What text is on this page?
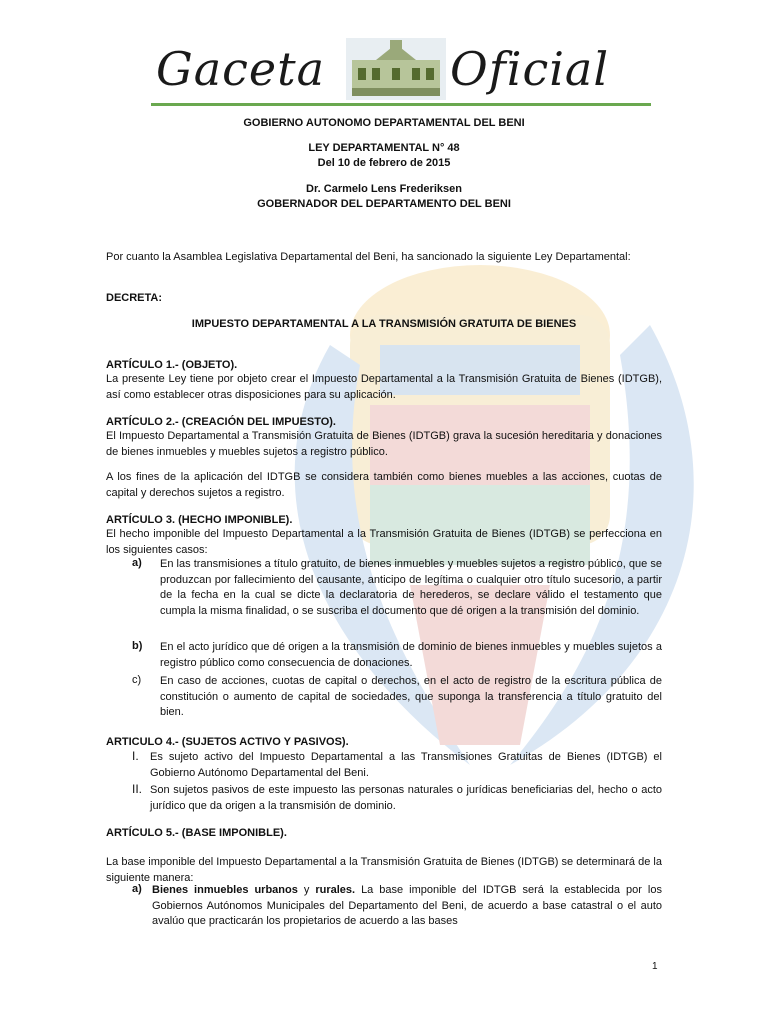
Gaceta	Oficial
GOBIERNO AUTONOMO DEPARTAMENTAL DEL BENI
LEY DEPARTAMENTAL N° 48
Del 10 de febrero de 2015
Dr. Carmelo Lens Frederiksen
GOBERNADOR DEL DEPARTAMENTO DEL BENI
Por cuanto la Asamblea Legislativa Departamental del Beni, ha sancionado la siguiente Ley Departamental:
DECRETA:
IMPUESTO DEPARTAMENTAL A LA TRANSMISIÓN GRATUITA DE BIENES
ARTÍCULO 1.- (OBJETO).
La presente Ley tiene por objeto crear el Impuesto Departamental a la Transmisión Gratuita de Bienes (IDTGB), así como establecer otras disposiciones para su aplicación.
ARTÍCULO 2.- (CREACIÓN DEL IMPUESTO).
El Impuesto Departamental a Transmisión Gratuita de Bienes (IDTGB) grava la sucesión hereditaria y donaciones de bienes inmuebles y muebles sujetos a registro público.
A los fines de la aplicación del IDTGB se considera también como bienes muebles a las acciones, cuotas de capital y derechos sujetos a registro.
ARTÍCULO 3. (HECHO IMPONIBLE).
El hecho imponible del Impuesto Departamental a la Transmisión Gratuita de Bienes (IDTGB) se perfecciona en los siguientes casos:
a) En las transmisiones a título gratuito, de bienes inmuebles y muebles sujetos a registro público, que se produzcan por fallecimiento del causante, anticipo de legítima o cualquier otro título sucesorio, a partir de la fecha en la cual se dicte la declaratoria de herederos, se declare válido el testamento que cumpla la misma finalidad, o se suscriba el documento que dé origen a la transmisión del dominio.
b) En el acto jurídico que dé origen a la transmisión de dominio de bienes inmuebles y muebles sujetos a registro público como consecuencia de donaciones.
c) En caso de acciones, cuotas de capital o derechos, en el acto de registro de la escritura pública de constitución o aumento de capital de sociedades, que suponga la transferencia a título gratuito del bien.
ARTICULO 4.- (SUJETOS ACTIVO Y PASIVOS).
I. Es sujeto activo del Impuesto Departamental a las Transmisiones Gratuitas de Bienes (IDTGB) el Gobierno Autónomo Departamental del Beni.
II. Son sujetos pasivos de este impuesto las personas naturales o jurídicas beneficiarias del, hecho o acto jurídico que da origen a la transmisión de dominio.
ARTÍCULO 5.- (BASE IMPONIBLE).
La base imponible del Impuesto Departamental a la Transmisión Gratuita de Bienes (IDTGB) se determinará de la siguiente manera:
a) Bienes inmuebles urbanos y rurales. La base imponible del IDTGB será la establecida por los Gobiernos Autónomos Municipales del Departamento del Beni, de acuerdo a base catastral o el auto avalúo que practicarán los propietarios de acuerdo a las bases
1
